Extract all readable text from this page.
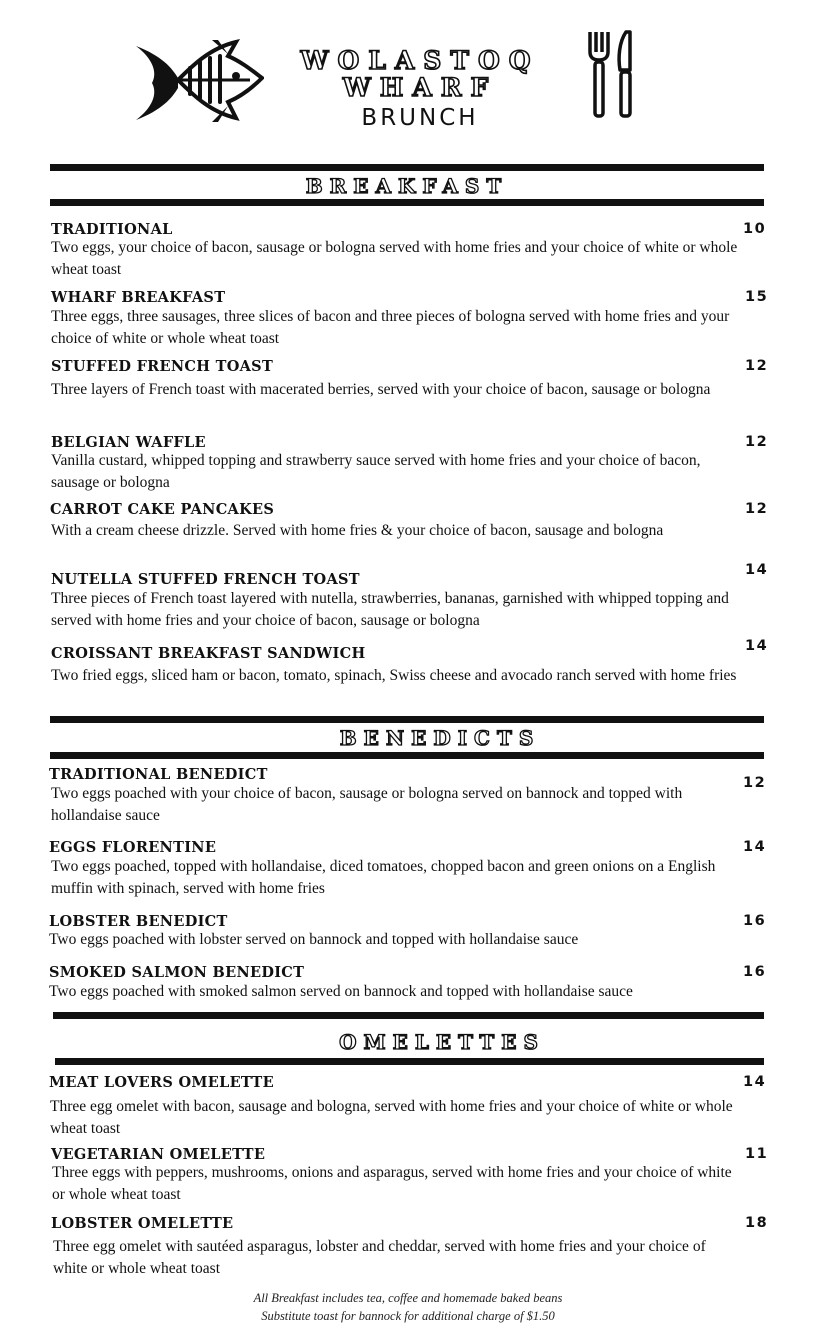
WOLASTOQ
WHARF
BRUNCH
BREAKFAST
TRADITIONAL	10
Two eggs, your choice of bacon, sausage or bologna served with home fries and your choice of white or whole wheat toast
WHARF BREAKFAST	15
Three eggs, three sausages, three slices of bacon and three pieces of bologna served with home fries and your choice of white or whole wheat toast
STUFFED FRENCH TOAST	12
Three layers of French toast with macerated berries, served with your choice of bacon, sausage or bologna
BELGIAN WAFFLE	12
Vanilla custard, whipped topping and strawberry sauce served with home fries and your choice of bacon, sausage or bologna
CARROT CAKE PANCAKES	12
With a cream cheese drizzle. Served with home fries & your choice of bacon, sausage and bologna
NUTELLA STUFFED FRENCH TOAST
14
Three pieces of French toast layered with nutella, strawberries, bananas, garnished with whipped topping and served with home fries and your choice of bacon, sausage or bologna
CROISSANT BREAKFAST SANDWICH	14
Two fried eggs, sliced ham or bacon, tomato, spinach, Swiss cheese and avocado ranch served with home fries
BENEDICTS
TRADITIONAL BENEDICT	12
Two eggs poached with your choice of bacon, sausage or bologna served on bannock and topped with hollandaise sauce
EGGS FLORENTINE	14
Two eggs poached, topped with hollandaise, diced tomatoes, chopped bacon and green onions on a English muffin with spinach, served with home fries
LOBSTER BENEDICT	16
Two eggs poached with lobster served on bannock and topped with hollandaise sauce
SMOKED SALMON BENEDICT	16
Two eggs poached with smoked salmon served on bannock and topped with hollandaise sauce
OMELETTES
MEAT LOVERS OMELETTE	14
Three egg omelet with bacon, sausage and bologna, served with home fries and your choice of white or whole wheat toast
VEGETARIAN OMELETTE	11
Three eggs with peppers, mushrooms, onions and asparagus, served with home fries and your choice of white or whole wheat toast
LOBSTER OMELETTE	18
Three egg omelet with sautéed asparagus, lobster and cheddar, served with home fries and your choice of white or whole wheat toast
All Breakfast includes tea, coffee and homemade baked beans
Substitute toast for bannock for additional charge of $1.50
